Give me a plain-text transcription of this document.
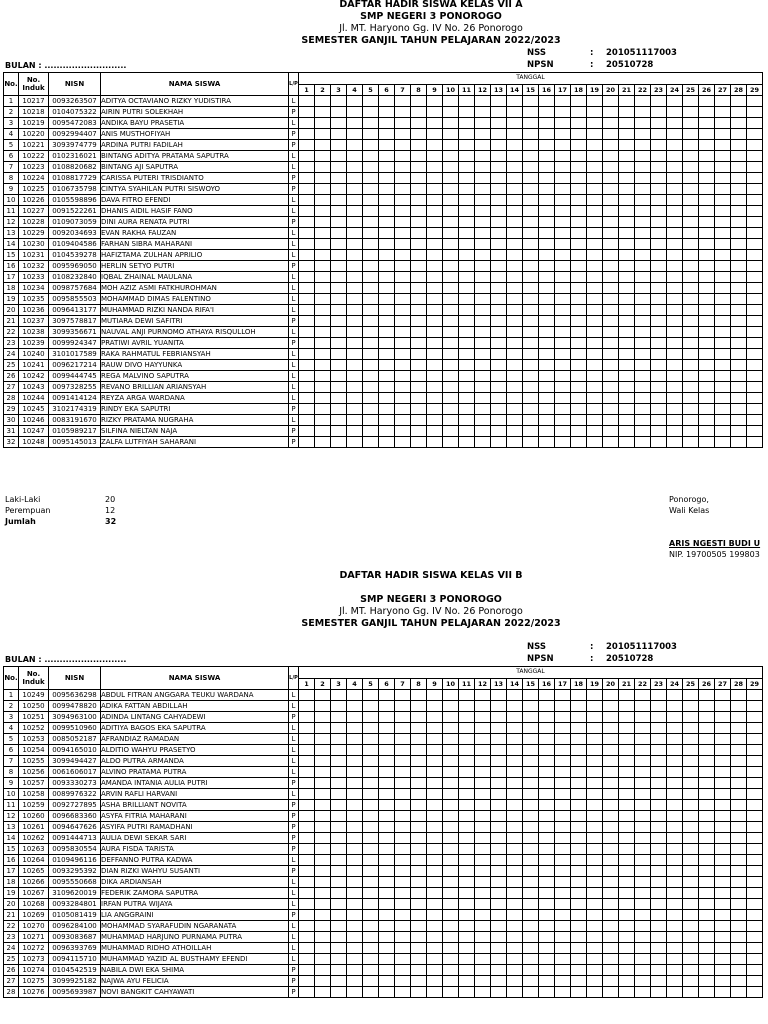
DAFTAR HADIR SISWA KELAS VII A
SMP NEGERI 3 PONOROGO
Jl. MT. Haryono Gg. IV No. 26 Ponorogo
SEMESTER GANJIL TAHUN PELAJARAN 2022/2023
NSS	: 201051117003
NPSN	: 20510728
BULAN : ...........................
No.	No. Induk	NISN	NAMA SISWA	L/P	TANGGAL																												
					1	2	3	4	5	6	7	8	9	10	11	12	13	14	15	16	17	18	19	20	21	22	23	24	25	26	27	28	29
1	10217	0093263507	ADITYA OCTAVIANO RIZKY YUDISTIRA	L																													
2	10218	0104075322	AIRIN PUTRI SOLEKHAH	P																													
3	10219	0095472083	ANDIKA BAYU PRASETIA	L																													
4	10220	0092994407	ANIS MUSTHOFIYAH	P																													
5	10221	3093974779	ARDINA PUTRI FADILAH	P																													
6	10222	0102316021	BINTANG ADITYA PRATAMA SAPUTRA	L																													
7	10223	0108820682	BINTANG AJI SAPUTRA	L																													
8	10224	0108817729	CARISSA PUTERI TRISDIANTO	P																													
9	10225	0106735798	CINTYA SYAHILAN PUTRI SISWOYO	P																													
10	10226	0105598896	DAVA FITRO EFENDI	L																													
11	10227	0091522261	DHANIS AIDIL HASIF FANO	L																													
12	10228	0109073059	DINI AURA RENATA PUTRI	P																													
13	10229	0092034693	EVAN RAKHA FAUZAN	L																													
14	10230	0109404586	FARHAN SIBRA MAHARANI	L																													
15	10231	0104539278	HAFIZTAMA ZULHAN APRILIO	L																													
16	10232	0095969050	HERLIN SETYO PUTRI	P																													
17	10233	0108232840	IQBAL ZHAINAL MAULANA	L																													
18	10234	0098757684	MOH AZIZ ASMI FATKHUROHMAN	L																													
19	10235	0095855503	MOHAMMAD DIMAS FALENTINO	L																													
20	10236	0096413177	MUHAMMAD RIZKI NANDA RIFA'I	L																													
21	10237	3097578817	MUTIARA DEWI SAFITRI	P																													
22	10238	3099356671	NAUVAL ANJI PURNOMO ATHAYA RISQULLOH	L																													
23	10239	0099924347	PRATIWI AVRIL YUANITA	P																													
24	10240	3101017589	RAKA RAHMATUL FEBRIANSYAH	L																													
25	10241	0096217214	RAUW DIVO HAYYUNKA	L																													
26	10242	0099444745	REGA MALVINO SAPUTRA	L																													
27	10243	0097328255	REVANO BRILLIAN ARIANSYAH	L																													
28	10244	0091414124	REYZA ARGA WARDANA	L																													
29	10245	3102174319	RINDY EKA SAPUTRI	P																													
30	10246	0083191670	RIZKY PRATAMA NUGRAHA	L																													
31	10247	0105989217	SILFINA NIELTAN NAJA	P																													
32	10248	0095145013	ZALFA LUTFIYAH SAHARANI	P																													
Laki-Laki	20
Perempuan	12
Jumlah	32
Ponorogo,
Wali Kelas
ARIS NGESTI BUDI U
NIP. 19700505 199803
DAFTAR HADIR SISWA KELAS VII B
SMP NEGERI 3 PONOROGO
Jl. MT. Haryono Gg. IV No. 26 Ponorogo
SEMESTER GANJIL TAHUN PELAJARAN 2022/2023
NSS	: 201051117003
NPSN	: 20510728
BULAN : ...........................
No.	No. Induk	NISN	NAMA SISWA	L/P	TANGGAL																												
					1	2	3	4	5	6	7	8	9	10	11	12	13	14	15	16	17	18	19	20	21	22	23	24	25	26	27	28	29
1	10249	0095636298	ABDUL FITRAN ANGGARA TEUKU WARDANA	L																													
2	10250	0099478820	ADIKA FATTAN ABDILLAH	L																													
3	10251	3094963100	ADINDA LINTANG CAHYADEWI	P																													
4	10252	0099510960	ADITIYA BAGOS EKA SAPUTRA	L																													
5	10253	0085052187	AFRANDIAZ RAMADAN	L																													
6	10254	0094165010	ALDITIO WAHYU PRASETYO	L																													
7	10255	3099494427	ALDO PUTRA ARMANDA	L																													
8	10256	0061606017	ALVINO PRATAMA PUTRA	L																													
9	10257	0093330273	AMANDA INTANIA AULIA PUTRI	P																													
10	10258	0089976322	ARVIN RAFLI HARVANI	L																													
11	10259	0092727895	ASHA BRILLIANT NOVITA	P																													
12	10260	0096683360	ASYFA FITRIA MAHARANI	P																													
13	10261	0094647626	ASYIFA PUTRI RAMADHANI	P																													
14	10262	0091444713	AULIA DEWI SEKAR SARI	P																													
15	10263	0095830554	AURA FISDA TARISTA	P																													
16	10264	0109496116	DEFFANNO PUTRA KADWA	L																													
17	10265	0093295392	DIAN RIZKI WAHYU SUSANTI	P																													
18	10266	0095550668	DIKA ARDIANSAH	L																													
19	10267	3109620019	FEDERIK ZAMORA SAPUTRA	L																													
20	10268	0093284801	IRFAN PUTRA WIJAYA	L																													
21	10269	0105081419	LIA ANGGRAINI	P																													
22	10270	0096284100	MOHAMMAD SYARAFUDIN NGARANATA	L																													
23	10271	0093083687	MUHAMMAD HARJUNO PURNAMA PUTRA	L																													
24	10272	0096393769	MUHAMMAD RIDHO ATHOILLAH	L																													
25	10273	0094115710	MUHAMMAD YAZID AL BUSTHAMY EFENDI	L																													
26	10274	0104542519	NABILA DWI EKA SHIMA	P																													
27	10275	3099925182	NAJWA AYU FELICIA	P																													
28	10276	0095693987	NOVI BANGKIT CAHYAWATI	P																													
